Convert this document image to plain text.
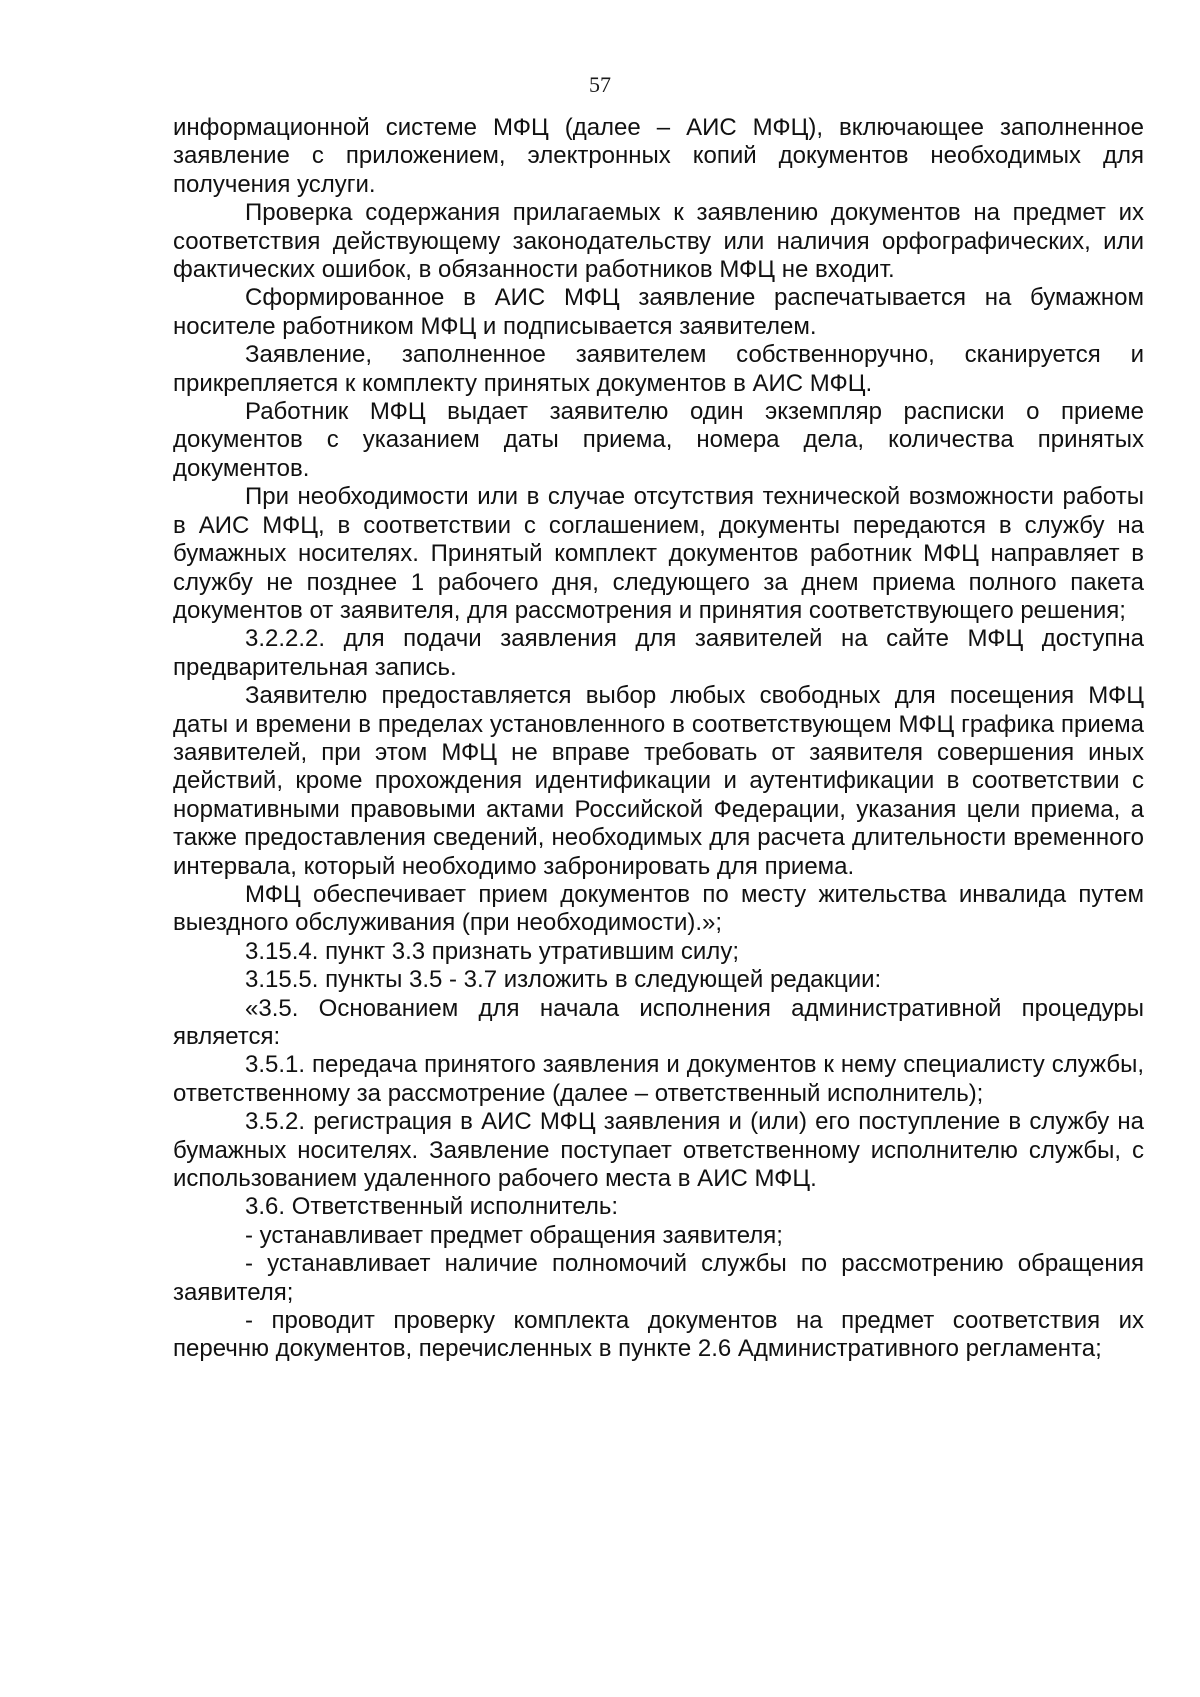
57

информационной системе МФЦ (далее – АИС МФЦ), включающее заполненное заявление с приложением, электронных копий документов необходимых для получения услуги.

Проверка содержания прилагаемых к заявлению документов на предмет их соответствия действующему законодательству или наличия орфографических, или фактических ошибок, в обязанности работников МФЦ не входит.

Сформированное в АИС МФЦ заявление распечатывается на бумажном носителе работником МФЦ и подписывается заявителем.

Заявление, заполненное заявителем собственноручно, сканируется и прикрепляется к комплекту принятых документов в АИС МФЦ.

Работник МФЦ выдает заявителю один экземпляр расписки о приеме документов с указанием даты приема, номера дела, количества принятых документов.

При необходимости или в случае отсутствия технической возможности работы в АИС МФЦ, в соответствии с соглашением, документы передаются в службу на бумажных носителях. Принятый комплект документов работник МФЦ направляет в службу не позднее 1 рабочего дня, следующего за днем приема полного пакета документов от заявителя, для рассмотрения и принятия соответствующего решения;

3.2.2.2. для подачи заявления для заявителей на сайте МФЦ доступна предварительная запись.

Заявителю предоставляется выбор любых свободных для посещения МФЦ даты и времени в пределах установленного в соответствующем МФЦ графика приема заявителей, при этом МФЦ не вправе требовать от заявителя совершения иных действий, кроме прохождения идентификации и аутентификации в соответствии с нормативными правовыми актами Российской Федерации, указания цели приема, а также предоставления сведений, необходимых для расчета длительности временного интервала, который необходимо забронировать для приема.

МФЦ обеспечивает прием документов по месту жительства инвалида путем выездного обслуживания (при необходимости).»;

3.15.4. пункт 3.3 признать утратившим силу;

3.15.5. пункты 3.5 - 3.7 изложить в следующей редакции:

«3.5. Основанием для начала исполнения административной процедуры является:

3.5.1. передача принятого заявления и документов к нему специалисту службы, ответственному за рассмотрение (далее – ответственный исполнитель);

3.5.2. регистрация в АИС МФЦ заявления и (или) его поступление в службу на бумажных носителях. Заявление поступает ответственному исполнителю службы, с использованием удаленного рабочего места в АИС МФЦ.

3.6. Ответственный исполнитель:

- устанавливает предмет обращения заявителя;

- устанавливает наличие полномочий службы по рассмотрению обращения заявителя;

- проводит проверку комплекта документов на предмет соответствия их перечню документов, перечисленных в пункте 2.6 Административного регламента;
